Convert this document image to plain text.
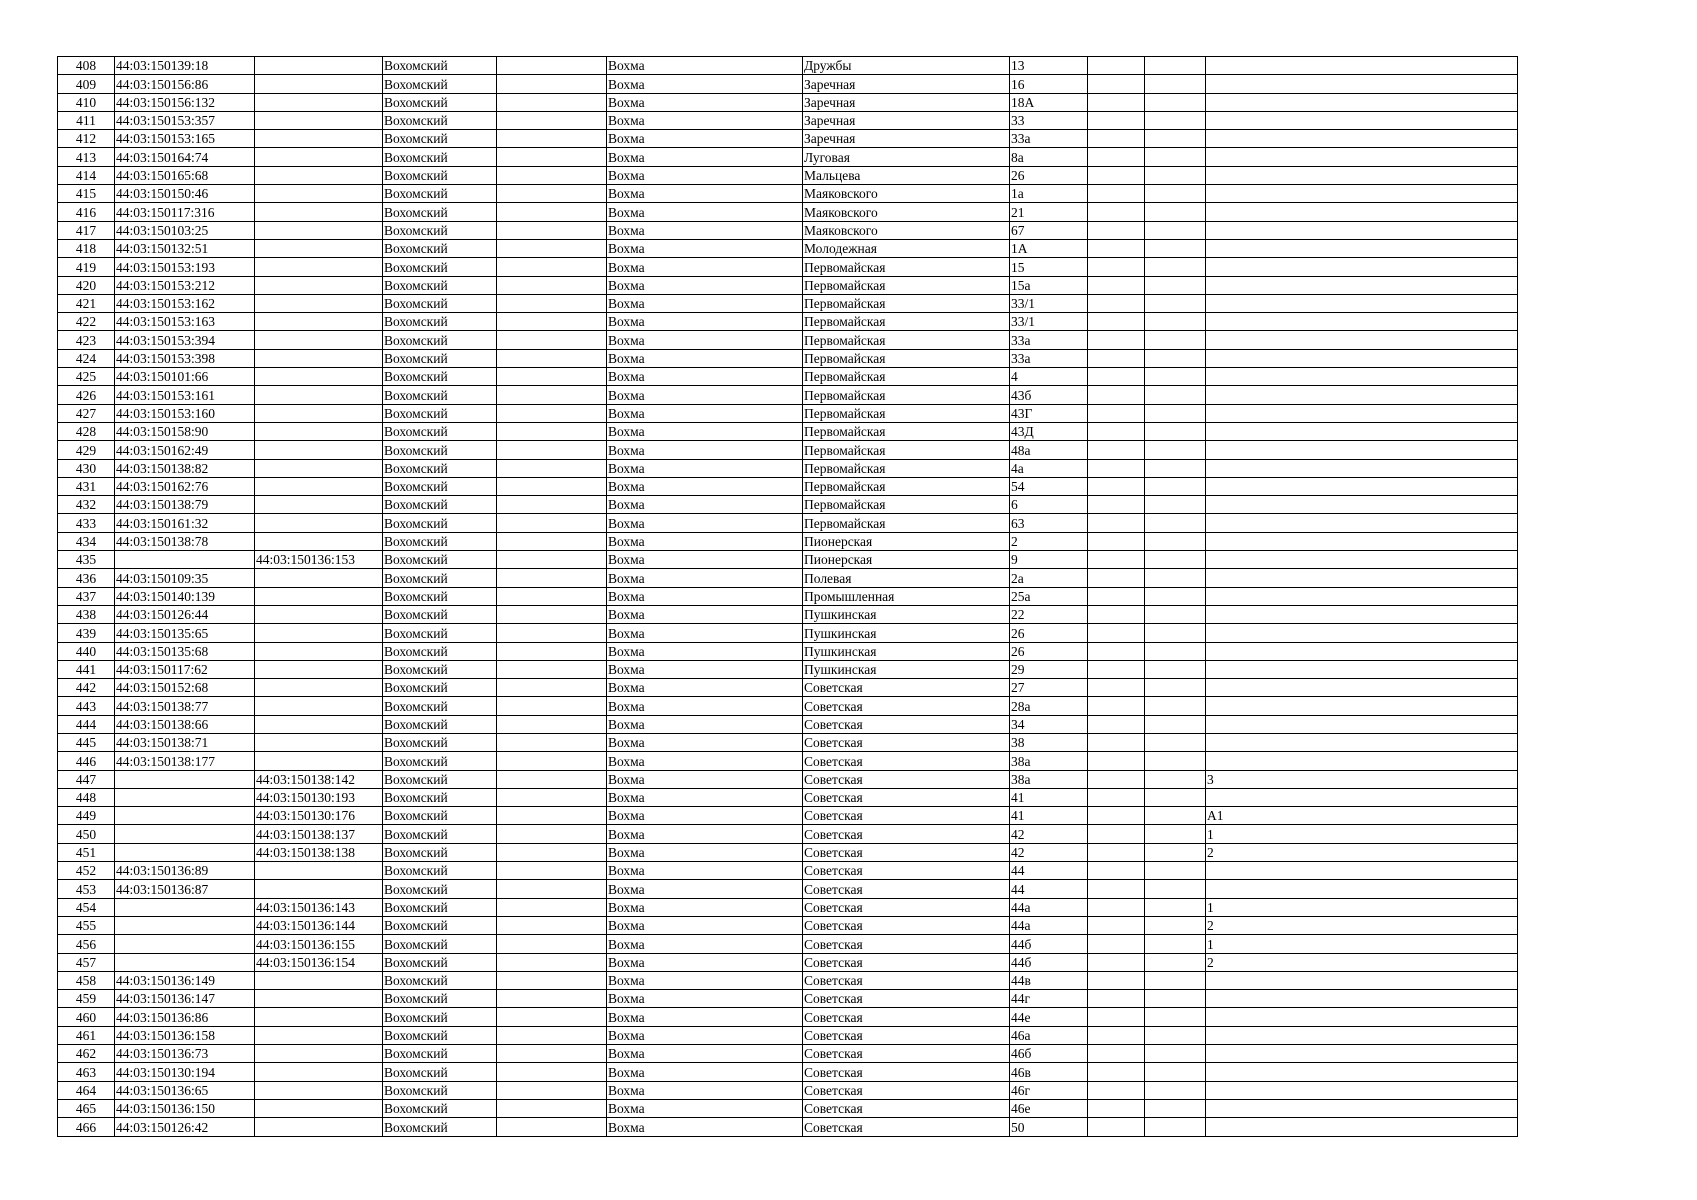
408	44:03:150139:18		Вохомский		Вохма	Дружбы	13			
409	44:03:150156:86		Вохомский		Вохма	Заречная	16			
410	44:03:150156:132		Вохомский		Вохма	Заречная	18А			
411	44:03:150153:357		Вохомский		Вохма	Заречная	33			
412	44:03:150153:165		Вохомский		Вохма	Заречная	33а			
413	44:03:150164:74		Вохомский		Вохма	Луговая	8а			
414	44:03:150165:68		Вохомский		Вохма	Мальцева	26			
415	44:03:150150:46		Вохомский		Вохма	Маяковского	1а			
416	44:03:150117:316		Вохомский		Вохма	Маяковского	21			
417	44:03:150103:25		Вохомский		Вохма	Маяковского	67			
418	44:03:150132:51		Вохомский		Вохма	Молодежная	1А			
419	44:03:150153:193		Вохомский		Вохма	Первомайская	15			
420	44:03:150153:212		Вохомский		Вохма	Первомайская	15а			
421	44:03:150153:162		Вохомский		Вохма	Первомайская	33/1			
422	44:03:150153:163		Вохомский		Вохма	Первомайская	33/1			
423	44:03:150153:394		Вохомский		Вохма	Первомайская	33а			
424	44:03:150153:398		Вохомский		Вохма	Первомайская	33а			
425	44:03:150101:66		Вохомский		Вохма	Первомайская	4			
426	44:03:150153:161		Вохомский		Вохма	Первомайская	43б			
427	44:03:150153:160		Вохомский		Вохма	Первомайская	43Г			
428	44:03:150158:90		Вохомский		Вохма	Первомайская	43Д			
429	44:03:150162:49		Вохомский		Вохма	Первомайская	48а			
430	44:03:150138:82		Вохомский		Вохма	Первомайская	4а			
431	44:03:150162:76		Вохомский		Вохма	Первомайская	54			
432	44:03:150138:79		Вохомский		Вохма	Первомайская	6			
433	44:03:150161:32		Вохомский		Вохма	Первомайская	63			
434	44:03:150138:78		Вохомский		Вохма	Пионерская	2			
435		44:03:150136:153	Вохомский		Вохма	Пионерская	9			
436	44:03:150109:35		Вохомский		Вохма	Полевая	2а			
437	44:03:150140:139		Вохомский		Вохма	Промышленная	25а			
438	44:03:150126:44		Вохомский		Вохма	Пушкинская	22			
439	44:03:150135:65		Вохомский		Вохма	Пушкинская	26			
440	44:03:150135:68		Вохомский		Вохма	Пушкинская	26			
441	44:03:150117:62		Вохомский		Вохма	Пушкинская	29			
442	44:03:150152:68		Вохомский		Вохма	Советская	27			
443	44:03:150138:77		Вохомский		Вохма	Советская	28а			
444	44:03:150138:66		Вохомский		Вохма	Советская	34			
445	44:03:150138:71		Вохомский		Вохма	Советская	38			
446	44:03:150138:177		Вохомский		Вохма	Советская	38а			
447		44:03:150138:142	Вохомский		Вохма	Советская	38а			3
448		44:03:150130:193	Вохомский		Вохма	Советская	41			
449		44:03:150130:176	Вохомский		Вохма	Советская	41			А1
450		44:03:150138:137	Вохомский		Вохма	Советская	42			1
451		44:03:150138:138	Вохомский		Вохма	Советская	42			2
452	44:03:150136:89		Вохомский		Вохма	Советская	44			
453	44:03:150136:87		Вохомский		Вохма	Советская	44			
454		44:03:150136:143	Вохомский		Вохма	Советская	44а			1
455		44:03:150136:144	Вохомский		Вохма	Советская	44а			2
456		44:03:150136:155	Вохомский		Вохма	Советская	44б			1
457		44:03:150136:154	Вохомский		Вохма	Советская	44б			2
458	44:03:150136:149		Вохомский		Вохма	Советская	44в			
459	44:03:150136:147		Вохомский		Вохма	Советская	44г			
460	44:03:150136:86		Вохомский		Вохма	Советская	44е			
461	44:03:150136:158		Вохомский		Вохма	Советская	46а			
462	44:03:150136:73		Вохомский		Вохма	Советская	46б			
463	44:03:150130:194		Вохомский		Вохма	Советская	46в			
464	44:03:150136:65		Вохомский		Вохма	Советская	46г			
465	44:03:150136:150		Вохомский		Вохма	Советская	46е			
466	44:03:150126:42		Вохомский		Вохма	Советская	50			
